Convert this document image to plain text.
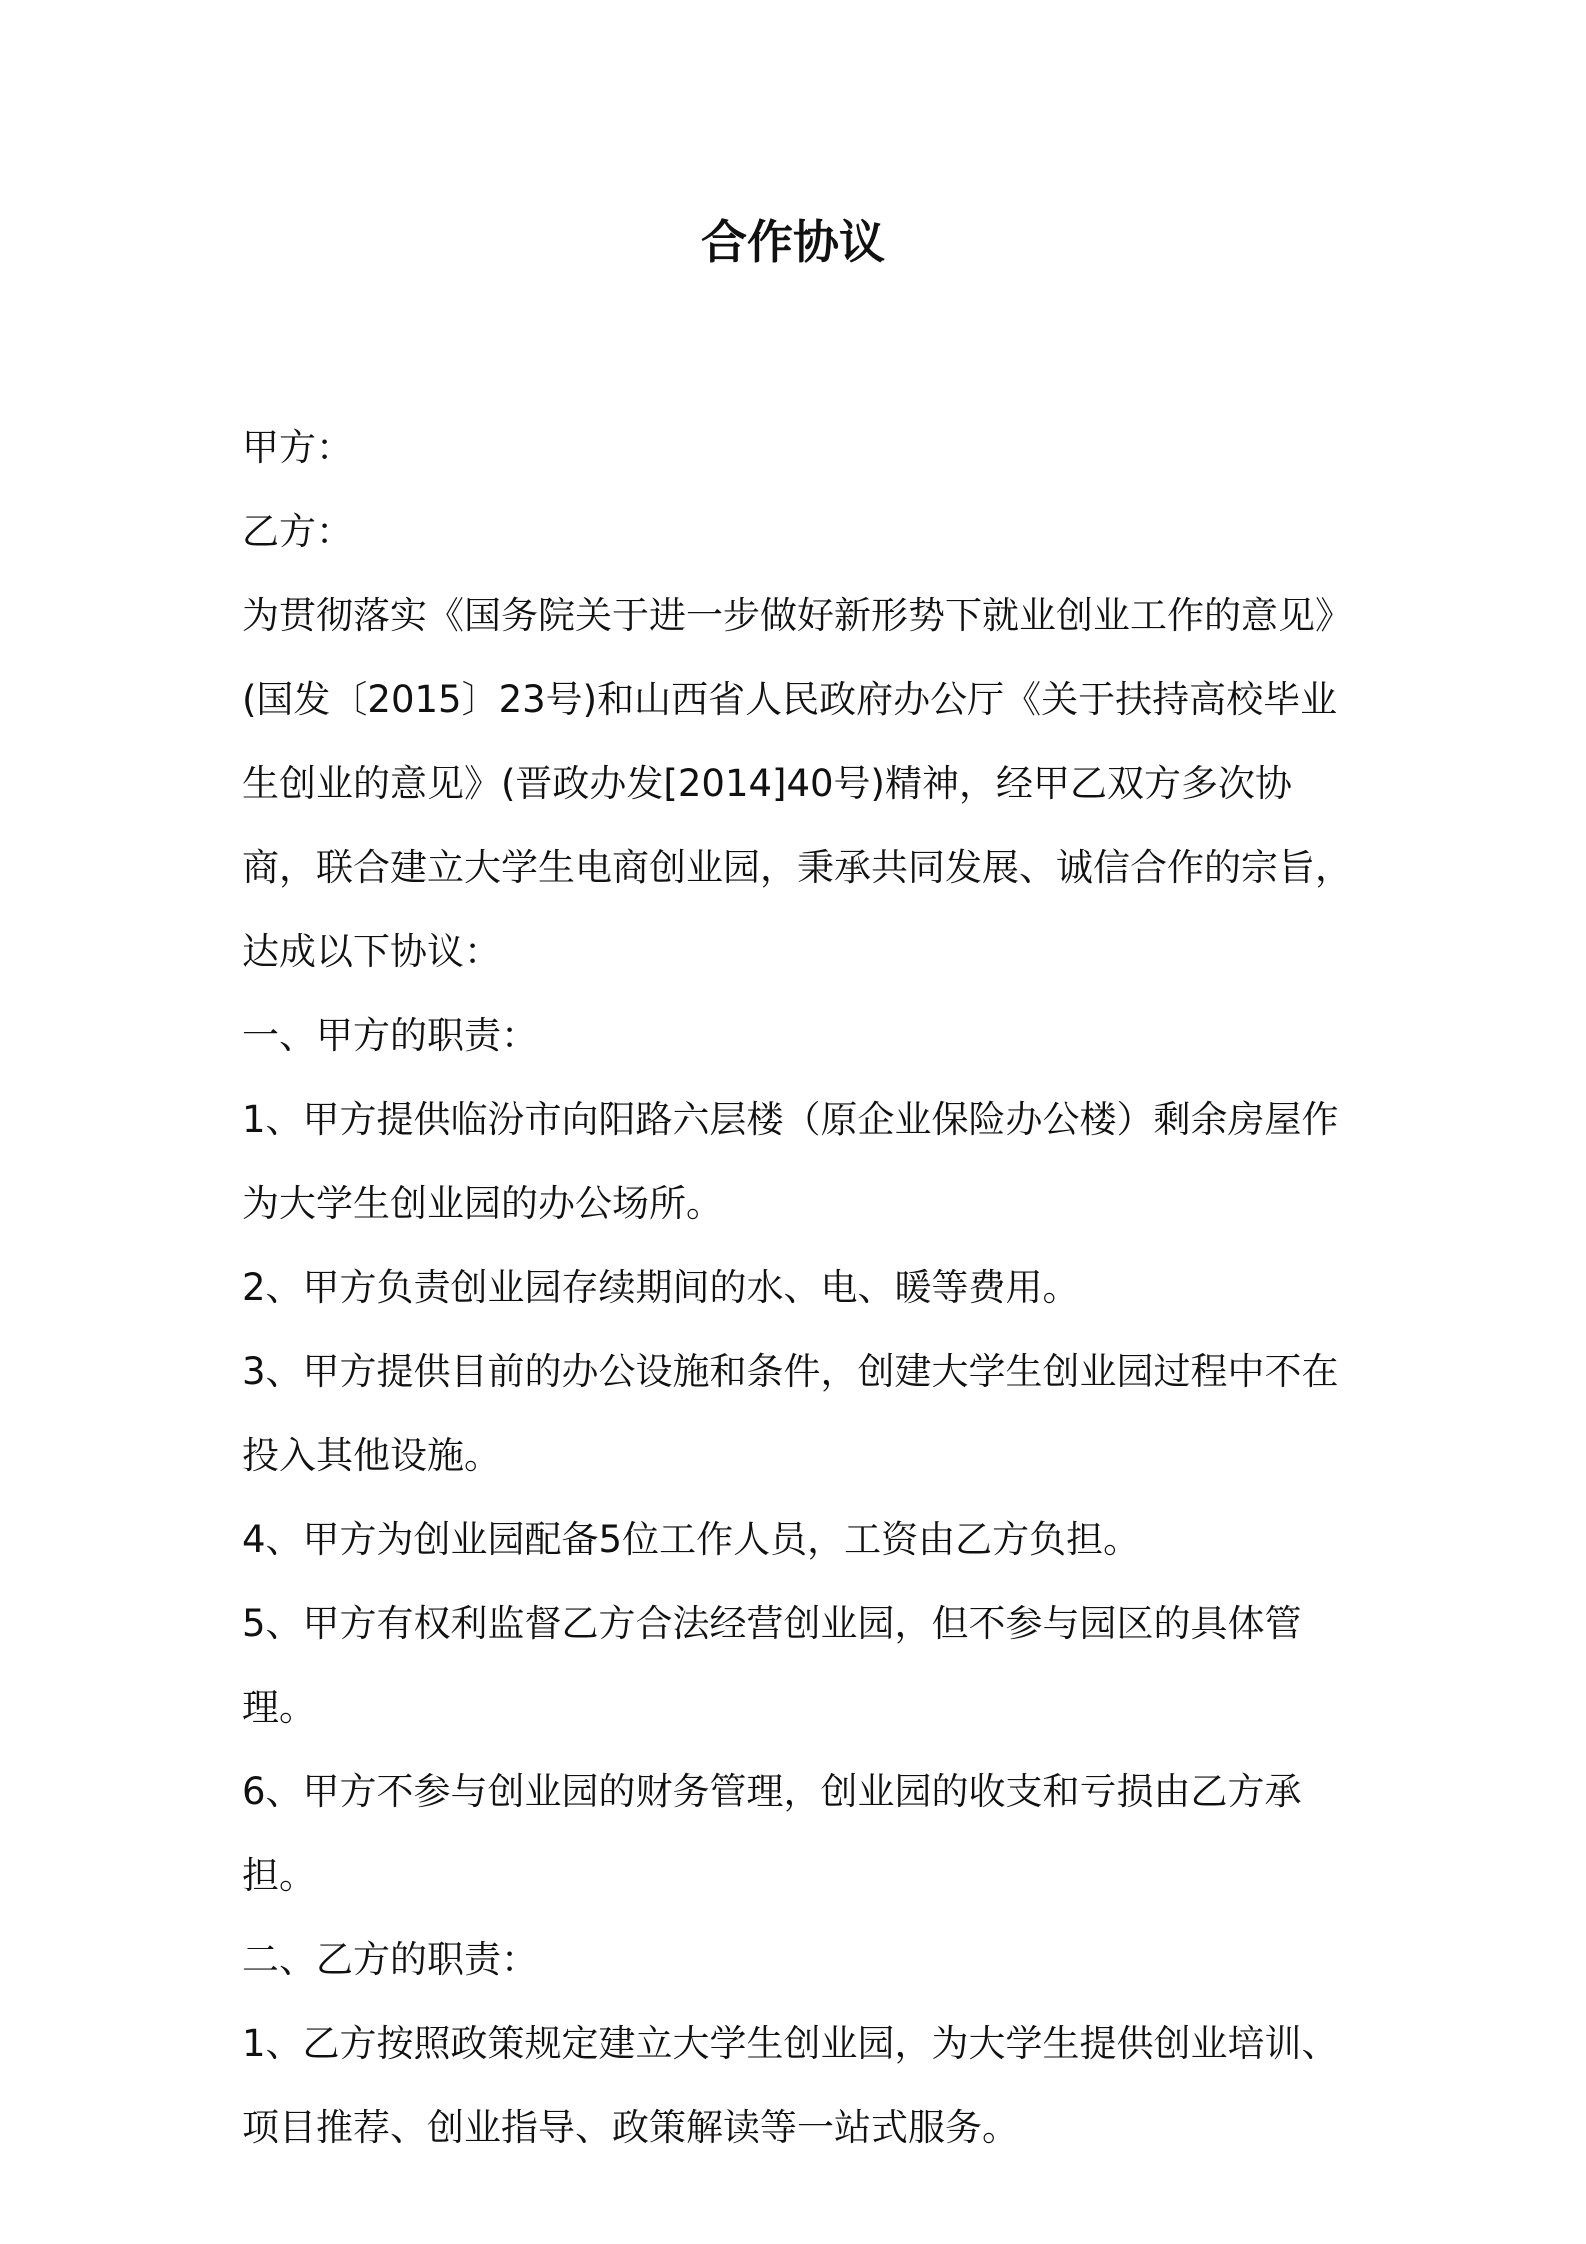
合作协议

甲方：

乙方：

为贯彻落实《国务院关于进一步做好新形势下就业创业工作的意见》(国发〔2015〕23号)和山西省人民政府办公厅《关于扶持高校毕业生创业的意见》(晋政办发[2014]40号)精神，经甲乙双方多次协商，联合建立大学生电商创业园，秉承共同发展、诚信合作的宗旨，达成以下协议：

一、甲方的职责：

1、甲方提供临汾市向阳路六层楼（原企业保险办公楼）剩余房屋作为大学生创业园的办公场所。

2、甲方负责创业园存续期间的水、电、暖等费用。

3、甲方提供目前的办公设施和条件，创建大学生创业园过程中不在投入其他设施。

4、甲方为创业园配备5位工作人员，工资由乙方负担。

5、甲方有权利监督乙方合法经营创业园，但不参与园区的具体管理。

6、甲方不参与创业园的财务管理，创业园的收支和亏损由乙方承担。

二、乙方的职责：

1、乙方按照政策规定建立大学生创业园，为大学生提供创业培训、项目推荐、创业指导、政策解读等一站式服务。
